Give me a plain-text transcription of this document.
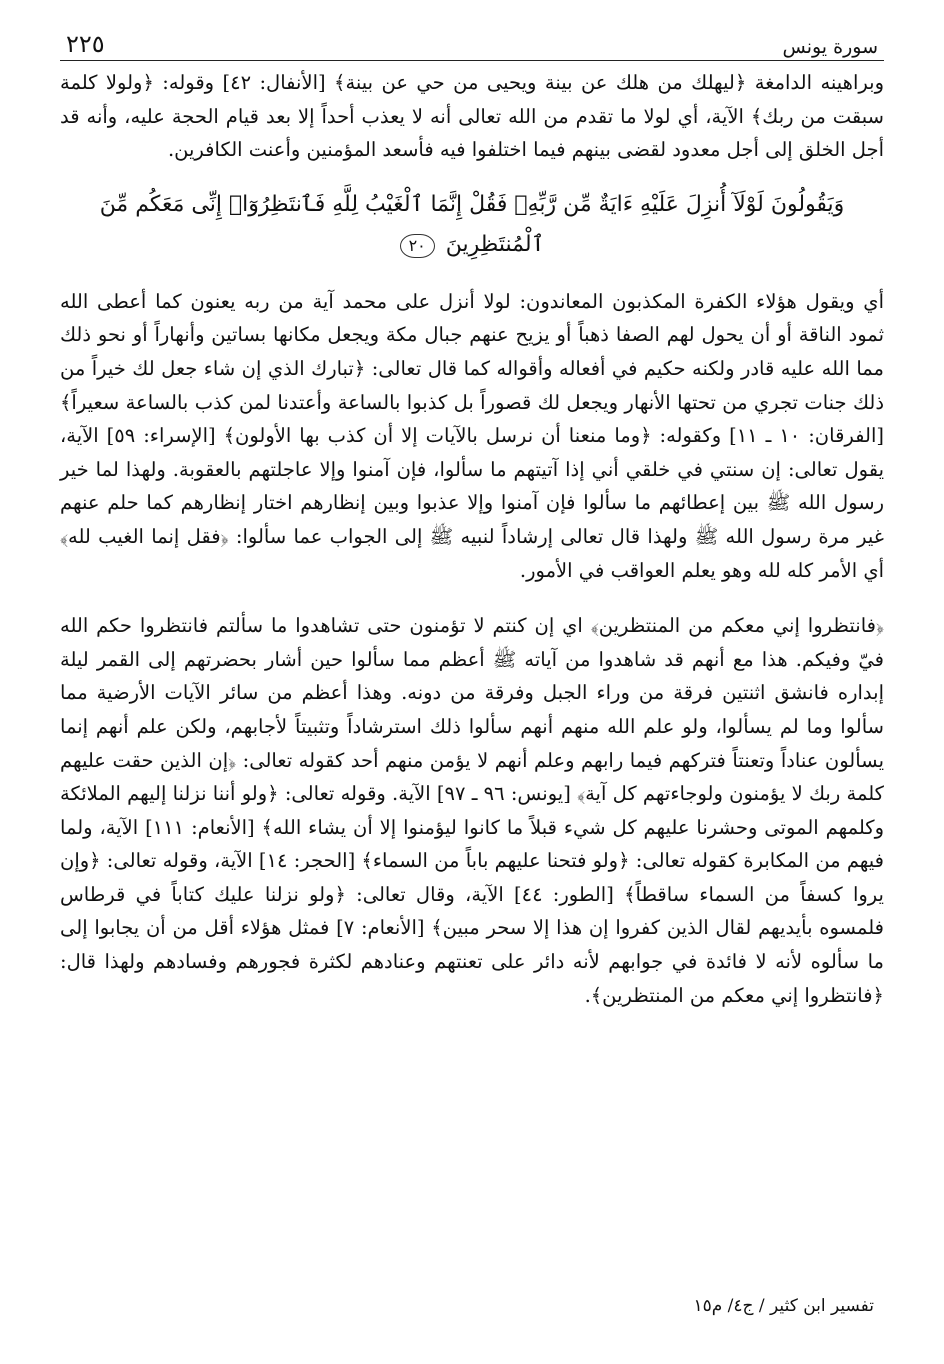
سورة يونس
٢٢٥

وبراهينه الدامغة ﴿ليهلك من هلك عن بينة ويحيى من حي عن بينة﴾ [الأنفال: ٤٢] وقوله: ﴿ولولا كلمة سبقت من ربك﴾ الآية، أي لولا ما تقدم من الله تعالى أنه لا يعذب أحداً إلا بعد قيام الحجة عليه، وأنه قد أجل الخلق إلى أجل معدود لقضى بينهم فيما اختلفوا فيه فأسعد المؤمنين وأعنت الكافرين.

وَيَقُولُونَ لَوْلَآ أُنزِلَ عَلَيْهِ ءَايَةٌ مِّن رَّبِّهِۦ فَقُلْ إِنَّمَا ٱلْغَيْبُ لِلَّهِ فَٱنتَظِرُوٓا۟ إِنِّى مَعَكُم مِّنَ ٱلْمُنتَظِرِينَ ٢٠

أي ويقول هؤلاء الكفرة المكذبون المعاندون: لولا أنزل على محمد آية من ربه يعنون كما أعطى الله ثمود الناقة أو أن يحول لهم الصفا ذهباً أو يزيح عنهم جبال مكة ويجعل مكانها بساتين وأنهاراً أو نحو ذلك مما الله عليه قادر ولكنه حكيم في أفعاله وأقواله كما قال تعالى: ﴿تبارك الذي إن شاء جعل لك خيراً من ذلك جنات تجري من تحتها الأنهار ويجعل لك قصوراً بل كذبوا بالساعة وأعتدنا لمن كذب بالساعة سعيراً﴾ [الفرقان: ١٠ ـ ١١] وكقوله: ﴿وما منعنا أن نرسل بالآيات إلا أن كذب بها الأولون﴾ [الإسراء: ٥٩] الآية، يقول تعالى: إن سنتي في خلقي أني إذا آتيتهم ما سألوا، فإن آمنوا وإلا عاجلتهم بالعقوبة. ولهذا لما خير رسول الله ﷺ بين إعطائهم ما سألوا فإن آمنوا وإلا عذبوا وبين إنظارهم اختار إنظارهم كما حلم عنهم غير مرة رسول الله ﷺ ولهذا قال تعالى إرشاداً لنبيه ﷺ إلى الجواب عما سألوا: ﴿فقل إنما الغيب لله﴾ أي الأمر كله لله وهو يعلم العواقب في الأمور.

﴿فانتظروا إني معكم من المنتظرين﴾ اي إن كنتم لا تؤمنون حتى تشاهدوا ما سألتم فانتظروا حكم الله فيّ وفيكم. هذا مع أنهم قد شاهدوا من آياته ﷺ أعظم مما سألوا حين أشار بحضرتهم إلى القمر ليلة إبداره فانشق اثنتين فرقة من وراء الجبل وفرقة من دونه. وهذا أعظم من سائر الآيات الأرضية مما سألوا وما لم يسألوا، ولو علم الله منهم أنهم سألوا ذلك استرشاداً وتثبيتاً لأجابهم، ولكن علم أنهم إنما يسألون عناداً وتعنتاً فتركهم فيما رابهم وعلم أنهم لا يؤمن منهم أحد كقوله تعالى: ﴿إن الذين حقت عليهم كلمة ربك لا يؤمنون ولوجاءتهم كل آية﴾ [يونس: ٩٦ ـ ٩٧] الآية. وقوله تعالى: ﴿ولو أننا نزلنا إليهم الملائكة وكلمهم الموتى وحشرنا عليهم كل شيء قبلاً ما كانوا ليؤمنوا إلا أن يشاء الله﴾ [الأنعام: ١١١] الآية، ولما فيهم من المكابرة كقوله تعالى: ﴿ولو فتحنا عليهم باباً من السماء﴾ [الحجر: ١٤] الآية، وقوله تعالى: ﴿وإن يروا كسفاً من السماء ساقطاً﴾ [الطور: ٤٤] الآية، وقال تعالى: ﴿ولو نزلنا عليك كتاباً في قرطاس فلمسوه بأيديهم لقال الذين كفروا إن هذا إلا سحر مبين﴾ [الأنعام: ٧] فمثل هؤلاء أقل من أن يجابوا إلى ما سألوه لأنه لا فائدة في جوابهم لأنه دائر على تعنتهم وعنادهم لكثرة فجورهم وفسادهم ولهذا قال: ﴿فانتظروا إني معكم من المنتظرين﴾.

تفسير ابن كثير / ج٤/ م١٥
